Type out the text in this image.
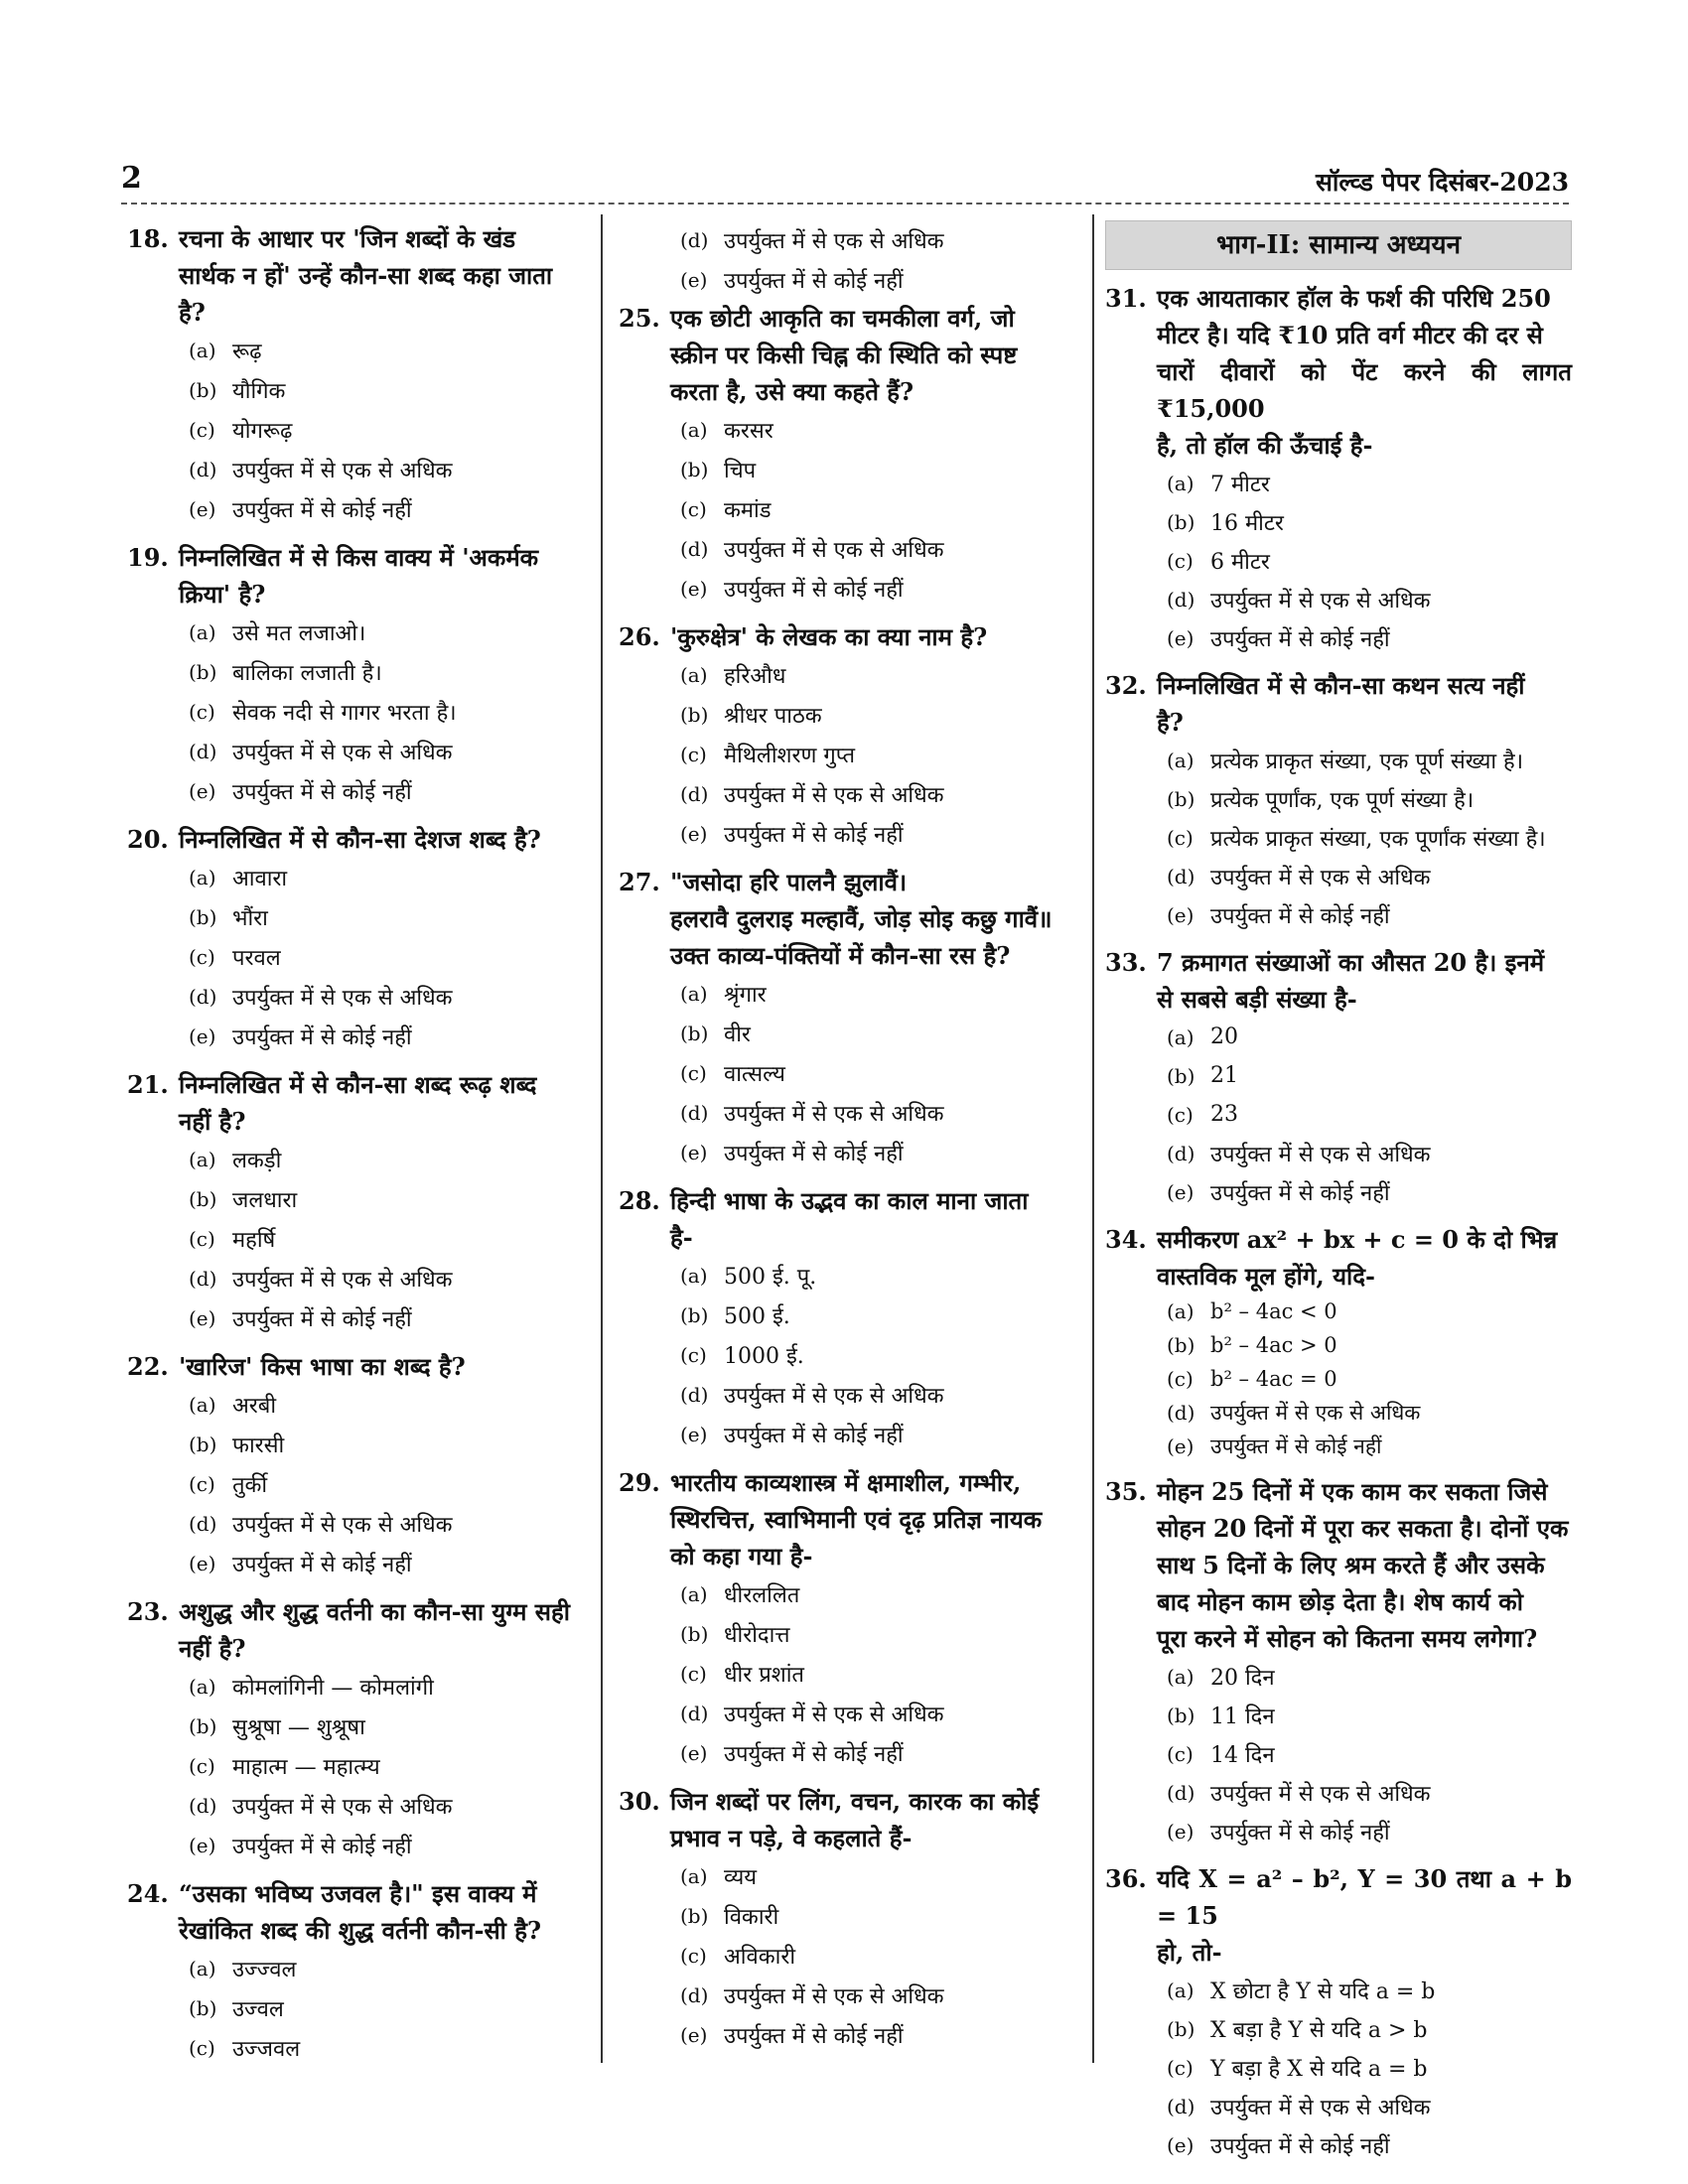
2	सॉल्व्ड पेपर दिसंबर-2023
18. रचना के आधार पर 'जिन शब्दों के खंड
सार्थक न हों' उन्हें कौन-सा शब्द कहा जाता
है?
(a) रूढ़
(b) यौगिक
(c) योगरूढ़
(d) उपर्युक्त में से एक से अधिक
(e) उपर्युक्त में से कोई नहीं
19. निम्नलिखित में से किस वाक्य में 'अकर्मक
क्रिया' है?
(a) उसे मत लजाओ।
(b) बालिका लजाती है।
(c) सेवक नदी से गागर भरता है।
(d) उपर्युक्त में से एक से अधिक
(e) उपर्युक्त में से कोई नहीं
20. निम्नलिखित में से कौन-सा देशज शब्द है?
(a) आवारा
(b) भौंरा
(c) परवल
(d) उपर्युक्त में से एक से अधिक
(e) उपर्युक्त में से कोई नहीं
21. निम्नलिखित में से कौन-सा शब्द रूढ़ शब्द
नहीं है?
(a) लकड़ी
(b) जलधारा
(c) महर्षि
(d) उपर्युक्त में से एक से अधिक
(e) उपर्युक्त में से कोई नहीं
22. 'खारिज' किस भाषा का शब्द है?
(a) अरबी
(b) फारसी
(c) तुर्की
(d) उपर्युक्त में से एक से अधिक
(e) उपर्युक्त में से कोई नहीं
23. अशुद्ध और शुद्ध वर्तनी का कौन-सा युग्म सही
नहीं है?
(a) कोमलांगिनी — कोमलांगी
(b) सुश्रूषा — शुश्रूषा
(c) माहात्म — महात्म्य
(d) उपर्युक्त में से एक से अधिक
(e) उपर्युक्त में से कोई नहीं
24. “उसका भविष्य उजवल है।" इस वाक्य में
रेखांकित शब्द की शुद्ध वर्तनी कौन-सी है?
(a) उज्ज्वल
(b) उज्वल
(c) उज्जवल
(d) उपर्युक्त में से एक से अधिक
(e) उपर्युक्त में से कोई नहीं
25. एक छोटी आकृति का चमकीला वर्ग, जो
स्क्रीन पर किसी चिह्न की स्थिति को स्पष्ट
करता है, उसे क्या कहते हैं?
(a) करसर
(b) चिप
(c) कमांड
(d) उपर्युक्त में से एक से अधिक
(e) उपर्युक्त में से कोई नहीं
26. 'कुरुक्षेत्र' के लेखक का क्या नाम है?
(a) हरिऔध
(b) श्रीधर पाठक
(c) मैथिलीशरण गुप्त
(d) उपर्युक्त में से एक से अधिक
(e) उपर्युक्त में से कोई नहीं
27. "जसोदा हरि पालनै झुलावैं।
हलरावै दुलराइ मल्हावैं, जोड़ सोइ कछु गावैं॥
उक्त काव्य-पंक्तियों में कौन-सा रस है?
(a) श्रृंगार
(b) वीर
(c) वात्सल्य
(d) उपर्युक्त में से एक से अधिक
(e) उपर्युक्त में से कोई नहीं
28. हिन्दी भाषा के उद्भव का काल माना जाता
है-
(a) 500 ई. पू.
(b) 500 ई.
(c) 1000 ई.
(d) उपर्युक्त में से एक से अधिक
(e) उपर्युक्त में से कोई नहीं
29. भारतीय काव्यशास्त्र में क्षमाशील, गम्भीर,
स्थिरचित्त, स्वाभिमानी एवं दृढ़ प्रतिज्ञ नायक
को कहा गया है-
(a) धीरललित
(b) धीरोदात्त
(c) धीर प्रशांत
(d) उपर्युक्त में से एक से अधिक
(e) उपर्युक्त में से कोई नहीं
30. जिन शब्दों पर लिंग, वचन, कारक का कोई
प्रभाव न पड़े, वे कहलाते हैं-
(a) व्यय
(b) विकारी
(c) अविकारी
(d) उपर्युक्त में से एक से अधिक
(e) उपर्युक्त में से कोई नहीं
भाग-II: सामान्य अध्ययन
31. एक आयताकार हॉल के फर्श की परिधि 250
मीटर है। यदि ₹10 प्रति वर्ग मीटर की दर से
चारों दीवारों को पेंट करने की लागत ₹15,000
है, तो हॉल की ऊँचाई है-
(a) 7 मीटर
(b) 16 मीटर
(c) 6 मीटर
(d) उपर्युक्त में से एक से अधिक
(e) उपर्युक्त में से कोई नहीं
32. निम्नलिखित में से कौन-सा कथन सत्य नहीं
है?
(a) प्रत्येक प्राकृत संख्या, एक पूर्ण संख्या है।
(b) प्रत्येक पूर्णांक, एक पूर्ण संख्या है।
(c) प्रत्येक प्राकृत संख्या, एक पूर्णांक संख्या है।
(d) उपर्युक्त में से एक से अधिक
(e) उपर्युक्त में से कोई नहीं
33. 7 क्रमागत संख्याओं का औसत 20 है। इनमें
से सबसे बड़ी संख्या है-
(a) 20
(b) 21
(c) 23
(d) उपर्युक्त में से एक से अधिक
(e) उपर्युक्त में से कोई नहीं
34. समीकरण ax² + bx + c = 0 के दो भिन्न
वास्तविक मूल होंगे, यदि-
(a) b² – 4ac < 0
(b) b² – 4ac > 0
(c) b² – 4ac = 0
(d) उपर्युक्त में से एक से अधिक
(e) उपर्युक्त में से कोई नहीं
35. मोहन 25 दिनों में एक काम कर सकता जिसे
सोहन 20 दिनों में पूरा कर सकता है। दोनों एक
साथ 5 दिनों के लिए श्रम करते हैं और उसके
बाद मोहन काम छोड़ देता है। शेष कार्य को
पूरा करने में सोहन को कितना समय लगेगा?
(a) 20 दिन
(b) 11 दिन
(c) 14 दिन
(d) उपर्युक्त में से एक से अधिक
(e) उपर्युक्त में से कोई नहीं
36. यदि X = a² – b², Y = 30 तथा a + b = 15
हो, तो-
(a) X छोटा है Y से यदि a = b
(b) X बड़ा है Y से यदि a > b
(c) Y बड़ा है X से यदि a = b
(d) उपर्युक्त में से एक से अधिक
(e) उपर्युक्त में से कोई नहीं
